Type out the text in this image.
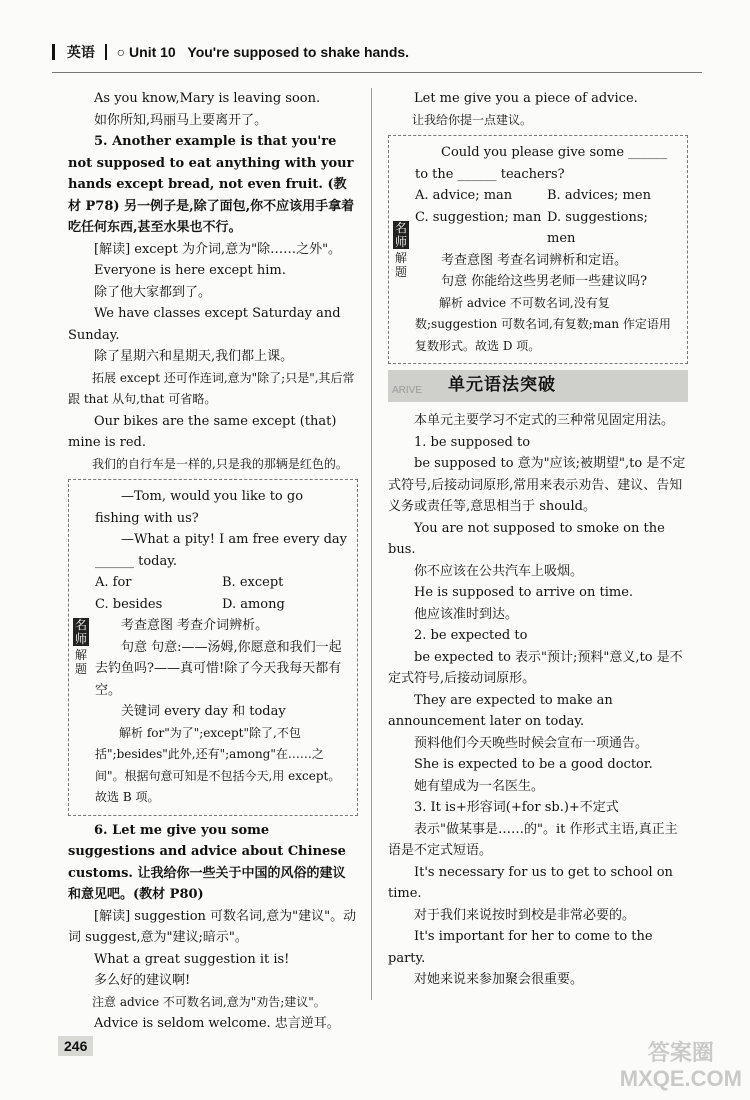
英语 ○ Unit 10 You're supposed to shake hands.

As you know,Mary is leaving soon.

如你所知,玛丽马上要离开了。

5. Another example is that you're not supposed to eat anything with your hands except bread, not even fruit. (教材 P78) 另一例子是,除了面包,你不应该用手拿着吃任何东西,甚至水果也不行。

[解读] except 为介词,意为"除……之外"。

Everyone is here except him.

除了他大家都到了。

We have classes except Saturday and Sunday.

除了星期六和星期天,我们都上课。

拓展 except 还可作连词,意为"除了;只是",其后常跟 that 从句,that 可省略。

Our bikes are the same except (that) mine is red.

我们的自行车是一样的,只是我的那辆是红色的。

名师
解题

—Tom, would you like to go fishing with us?

—What a pity! I am free every day ______ today.

A. for	B. except
C. besides	D. among

考查意图 考查介词辨析。

句意 句意:——汤姆,你愿意和我们一起去钓鱼吗?——真可惜!除了今天我每天都有空。

关键词 every day 和 today

解析 for"为了";except"除了,不包括";besides"此外,还有";among"在……之间"。根据句意可知是不包括今天,用 except。故选 B 项。

6. Let me give you some suggestions and advice about Chinese customs. 让我给你一些关于中国的风俗的建议和意见吧。(教材 P80)

[解读] suggestion 可数名词,意为"建议"。动词 suggest,意为"建议;暗示"。

What a great suggestion it is!

多么好的建议啊!

注意 advice 不可数名词,意为"劝告;建议"。

Advice is seldom welcome. 忠言逆耳。

Let me give you a piece of advice.

让我给你提一点建议。

名师
解题

Could you please give some ______ to the ______ teachers?

A. advice; man	B. advices; men
C. suggestion; man D. suggestions; men

考查意图 考查名词辨析和定语。

句意 你能给这些男老师一些建议吗?

解析 advice 不可数名词,没有复数;suggestion 可数名词,有复数;man 作定语用复数形式。故选 D 项。

ARIVE 单元语法突破

本单元主要学习不定式的三种常见固定用法。

1. be supposed to

be supposed to 意为"应该;被期望",to 是不定式符号,后接动词原形,常用来表示劝告、建议、告知义务或责任等,意思相当于 should。

You are not supposed to smoke on the bus.

你不应该在公共汽车上吸烟。

He is supposed to arrive on time.

他应该准时到达。

2. be expected to

be expected to 表示"预计;预料"意义,to 是不定式符号,后接动词原形。

They are expected to make an announcement later on today.

预料他们今天晚些时候会宣布一项通告。

She is expected to be a good doctor.

她有望成为一名医生。

3. It is+形容词(+for sb.)+不定式

表示"做某事是……的"。it 作形式主语,真正主语是不定式短语。

It's necessary for us to get to school on time.

对于我们来说按时到校是非常必要的。

It's important for her to come to the party.

对她来说来参加聚会很重要。

246	答案圈
MXQE.COM
